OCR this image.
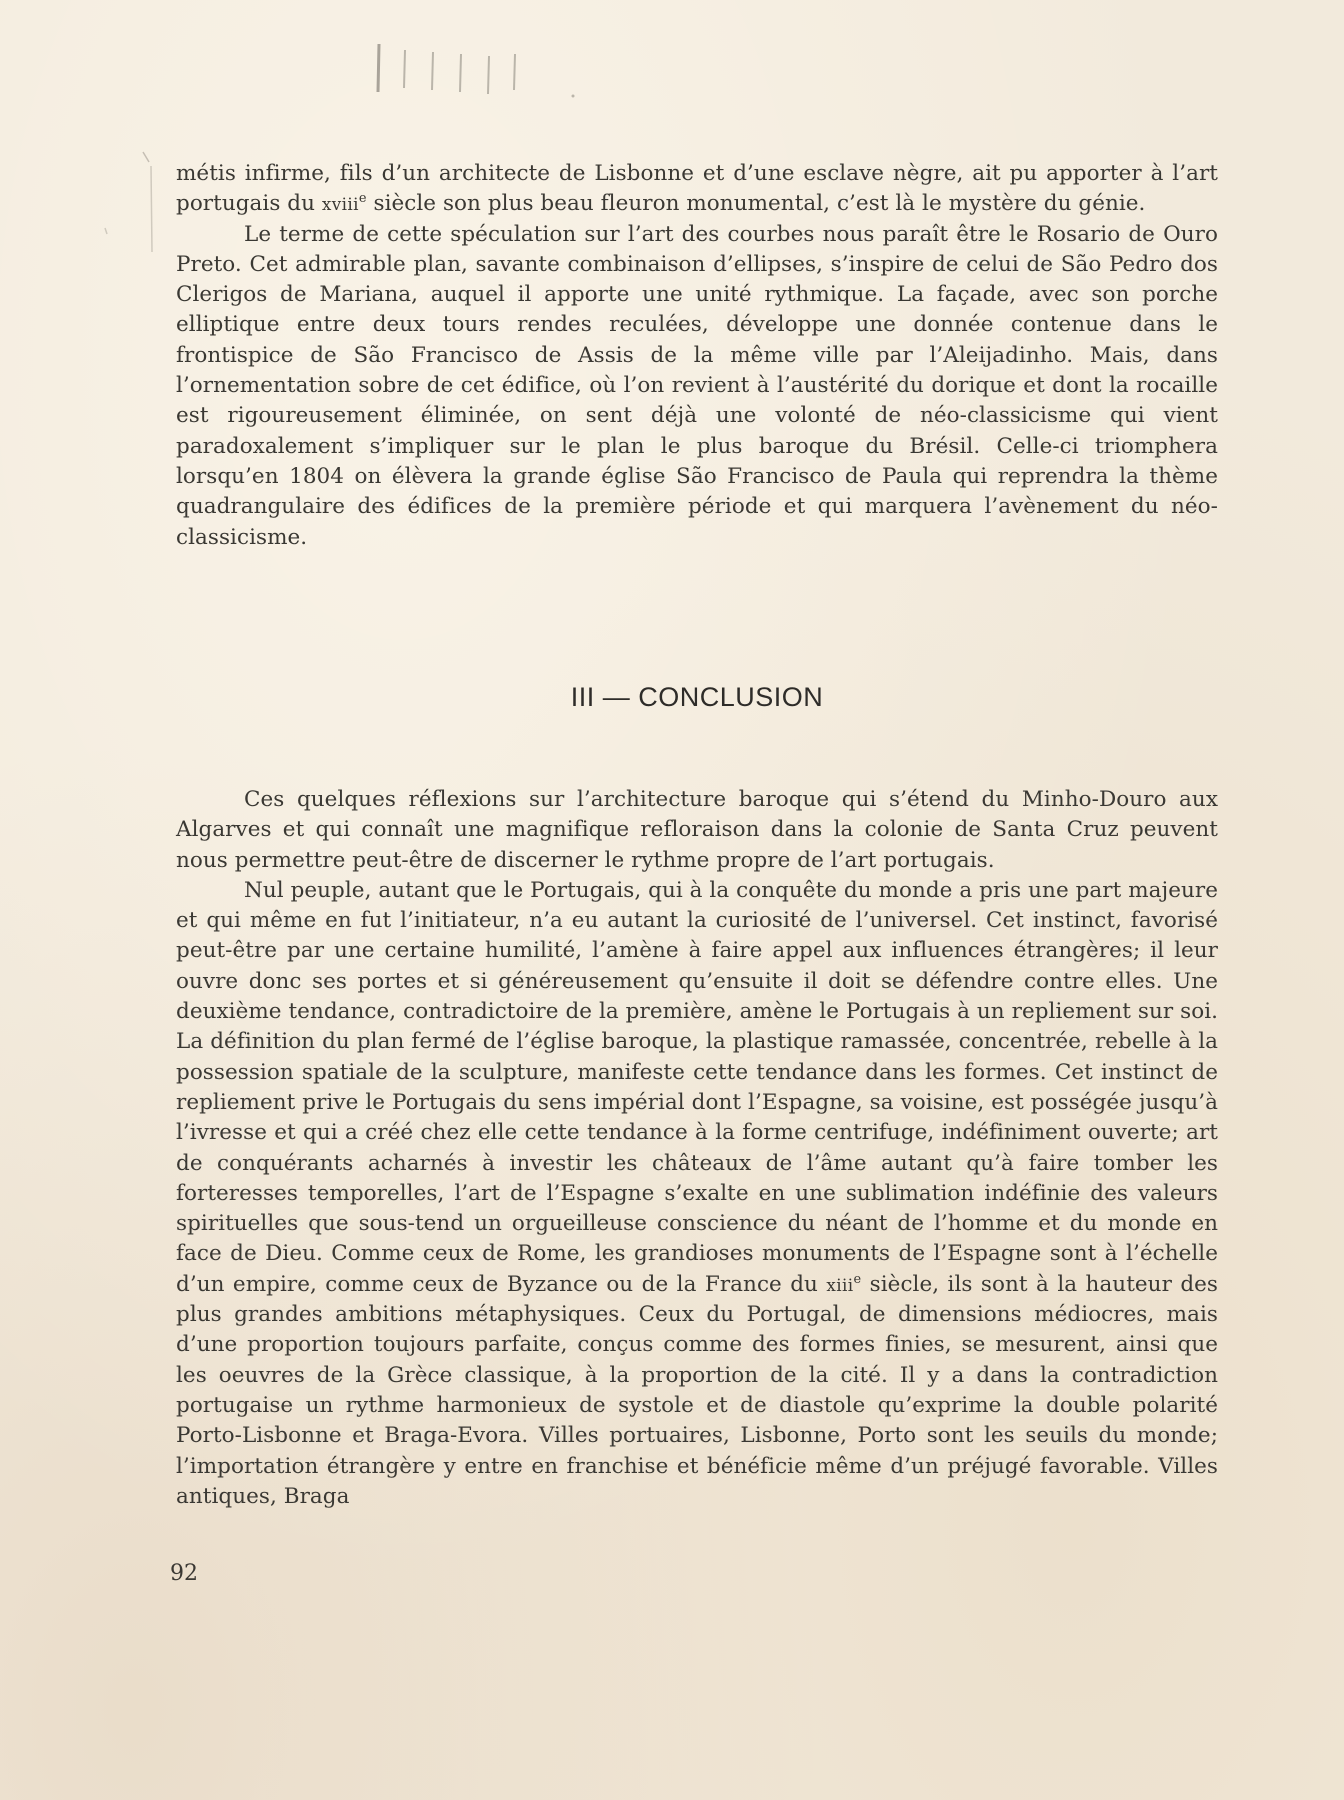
métis infirme, fils d’un architecte de Lisbonne et d’une esclave nègre, ait pu apporter à l’art portugais du xviii$^e$ siècle son plus beau fleuron monumental, c’est là le mystère du génie.

Le terme de cette spéculation sur l’art des courbes nous paraît être le Rosario de Ouro Preto. Cet admirable plan, savante combinaison d’ellipses, s’inspire de celui de São Pedro dos Clerigos de Mariana, auquel il apporte une unité rythmique. La façade, avec son porche elliptique entre deux tours rendes reculées, développe une donnée contenue dans le frontispice de São Francisco de Assis de la même ville par l’Aleijadinho. Mais, dans l’ornementation sobre de cet édifice, où l’on revient à l’austérité du dorique et dont la rocaille est rigoureusement éliminée, on sent déjà une volonté de néo-classicisme qui vient paradoxalement s’impliquer sur le plan le plus baroque du Brésil. Celle-ci triomphera lorsqu’en 1804 on élèvera la grande église São Francisco de Paula qui reprendra la thème quadrangulaire des édifices de la première période et qui marquera l’avènement du néo-classicisme.

III — CONCLUSION

Ces quelques réflexions sur l’architecture baroque qui s’étend du Minho-Douro aux Algarves et qui connaît une magnifique refloraison dans la colonie de Santa Cruz peuvent nous permettre peut-être de discerner le rythme propre de l’art portugais.

Nul peuple, autant que le Portugais, qui à la conquête du monde a pris une part majeure et qui même en fut l’initiateur, n’a eu autant la curiosité de l’universel. Cet instinct, favorisé peut-être par une certaine humilité, l’amène à faire appel aux influences étrangères; il leur ouvre donc ses portes et si généreusement qu’ensuite il doit se défendre contre elles. Une deuxième tendance, contradictoire de la première, amène le Portugais à un repliement sur soi. La définition du plan fermé de l’église baroque, la plastique ramassée, concentrée, rebelle à la possession spatiale de la sculpture, manifeste cette tendance dans les formes. Cet instinct de repliement prive le Portugais du sens impérial dont l’Espagne, sa voisine, est posségée jusqu’à l’ivresse et qui a créé chez elle cette tendance à la forme centrifuge, indéfiniment ouverte; art de conquérants acharnés à investir les châteaux de l’âme autant qu’à faire tomber les forteresses temporelles, l’art de l’Espagne s’exalte en une sublimation indéfinie des valeurs spirituelles que sous-tend un orgueilleuse conscience du néant de l’homme et du monde en face de Dieu. Comme ceux de Rome, les grandioses monuments de l’Espagne sont à l’échelle d’un empire, comme ceux de Byzance ou de la France du xiii$^e$ siècle, ils sont à la hauteur des plus grandes ambitions métaphysiques. Ceux du Portugal, de dimensions médiocres, mais d’une proportion toujours parfaite, conçus comme des formes finies, se mesurent, ainsi que les oeuvres de la Grèce classique, à la proportion de la cité. Il y a dans la contradiction portugaise un rythme harmonieux de systole et de diastole qu’exprime la double polarité Porto-Lisbonne et Braga-Evora. Villes portuaires, Lisbonne, Porto sont les seuils du monde; l’importation étrangère y entre en franchise et bénéficie même d’un préjugé favorable. Villes antiques, Braga

92
